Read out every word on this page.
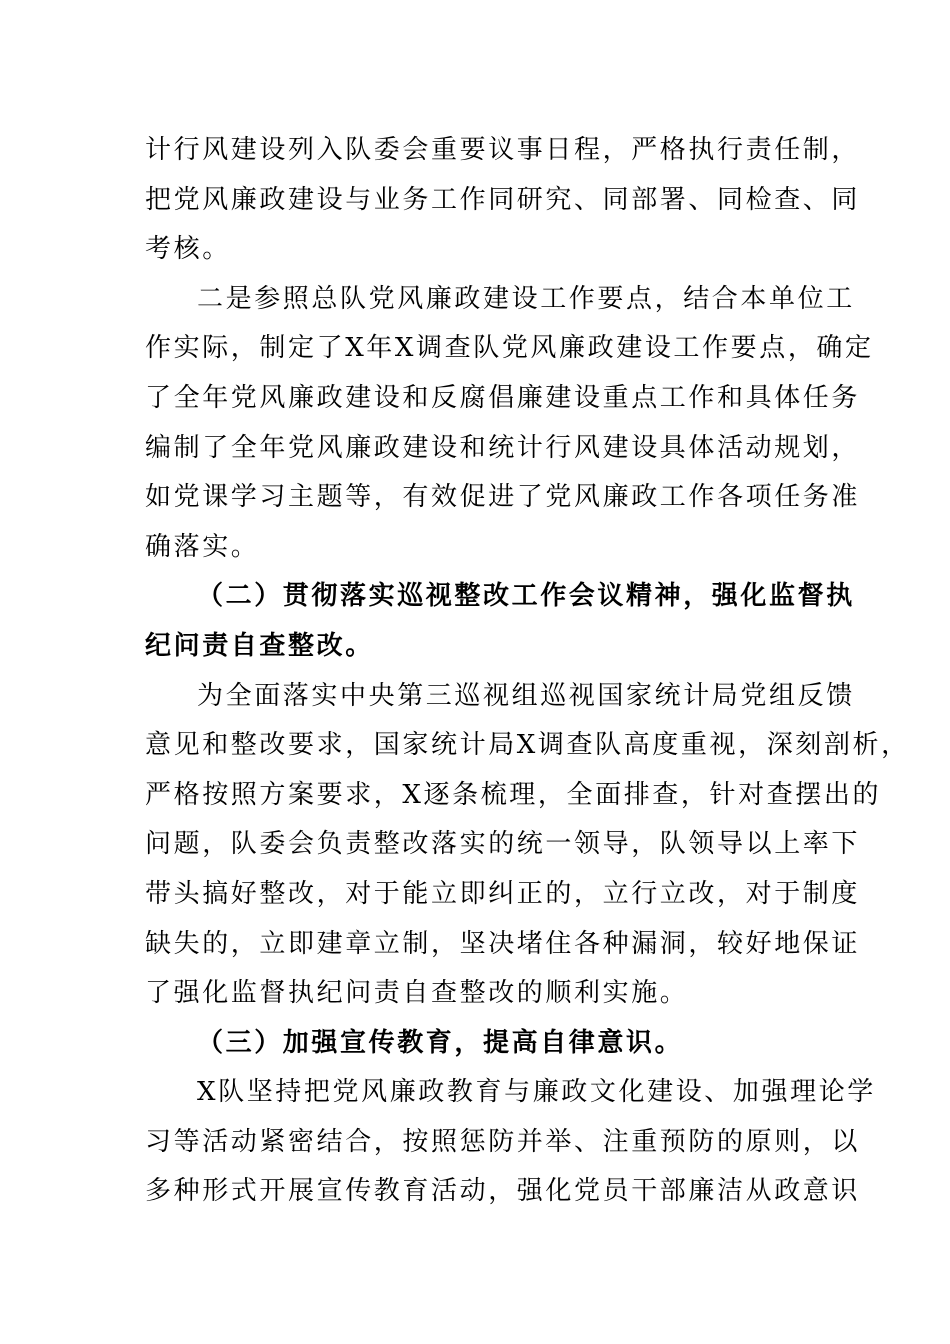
计行风建设列入队委会重要议事日程，严格执行责任制，
把党风廉政建设与业务工作同研究、同部署、同检查、同
考核。
二是参照总队党风廉政建设工作要点，结合本单位工
作实际，制定了X年X调查队党风廉政建设工作要点，确定
了全年党风廉政建设和反腐倡廉建设重点工作和具体任务
编制了全年党风廉政建设和统计行风建设具体活动规划，
如党课学习主题等，有效促进了党风廉政工作各项任务准
确落实。
（二）贯彻落实巡视整改工作会议精神，强化监督执
纪问责自查整改。
为全面落实中央第三巡视组巡视国家统计局党组反馈
意见和整改要求，国家统计局X调查队高度重视，深刻剖析，
严格按照方案要求，X逐条梳理，全面排查，针对查摆出的
问题，队委会负责整改落实的统一领导，队领导以上率下
带头搞好整改，对于能立即纠正的，立行立改，对于制度
缺失的，立即建章立制，坚决堵住各种漏洞，较好地保证
了强化监督执纪问责自查整改的顺利实施。
（三）加强宣传教育，提高自律意识。
X队坚持把党风廉政教育与廉政文化建设、加强理论学
习等活动紧密结合，按照惩防并举、注重预防的原则，以
多种形式开展宣传教育活动，强化党员干部廉洁从政意识
